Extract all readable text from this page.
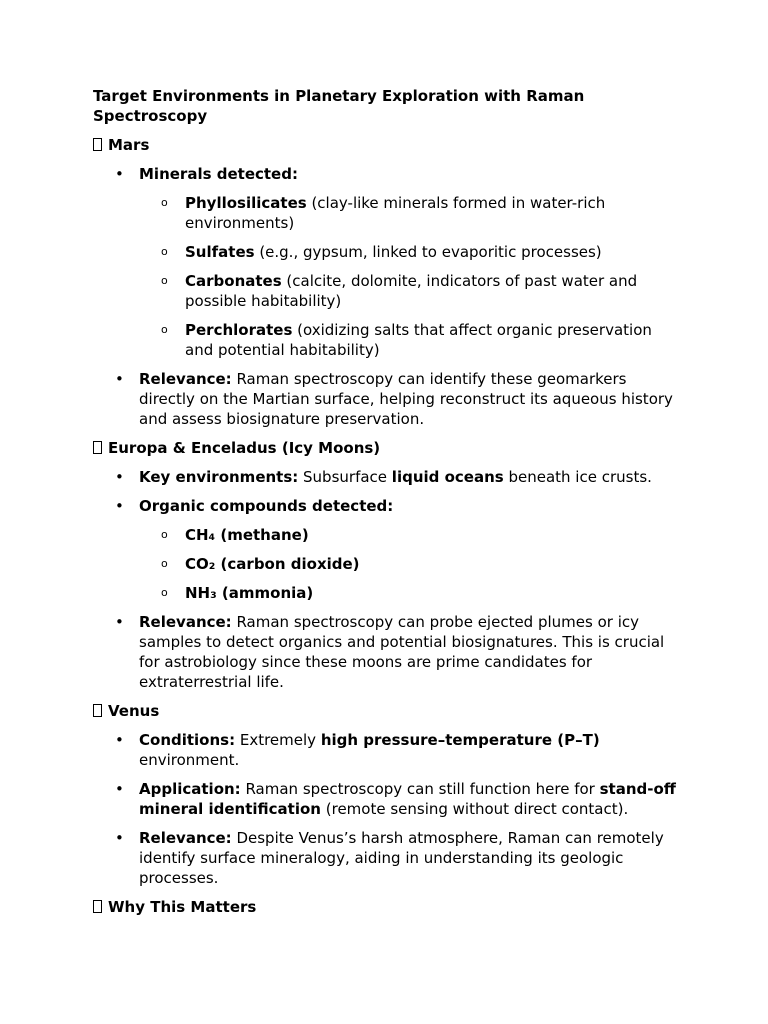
Target Environments in Planetary Exploration with Raman Spectroscopy
Mars
• Minerals detected:
o Phyllosilicates (clay-like minerals formed in water-rich environments)
o Sulfates (e.g., gypsum, linked to evaporitic processes)
o Carbonates (calcite, dolomite, indicators of past water and possible habitability)
o Perchlorates (oxidizing salts that affect organic preservation and potential habitability)
• Relevance: Raman spectroscopy can identify these geomarkers directly on the Martian surface, helping reconstruct its aqueous history and assess biosignature preservation.
Europa & Enceladus (Icy Moons)
• Key environments: Subsurface liquid oceans beneath ice crusts.
• Organic compounds detected:
o CH₄ (methane)
o CO₂ (carbon dioxide)
o NH₃ (ammonia)
• Relevance: Raman spectroscopy can probe ejected plumes or icy samples to detect organics and potential biosignatures. This is crucial for astrobiology since these moons are prime candidates for extraterrestrial life.
Venus
• Conditions: Extremely high pressure–temperature (P–T) environment.
• Application: Raman spectroscopy can still function here for stand-off mineral identification (remote sensing without direct contact).
• Relevance: Despite Venus’s harsh atmosphere, Raman can remotely identify surface mineralogy, aiding in understanding its geologic processes.
Why This Matters
